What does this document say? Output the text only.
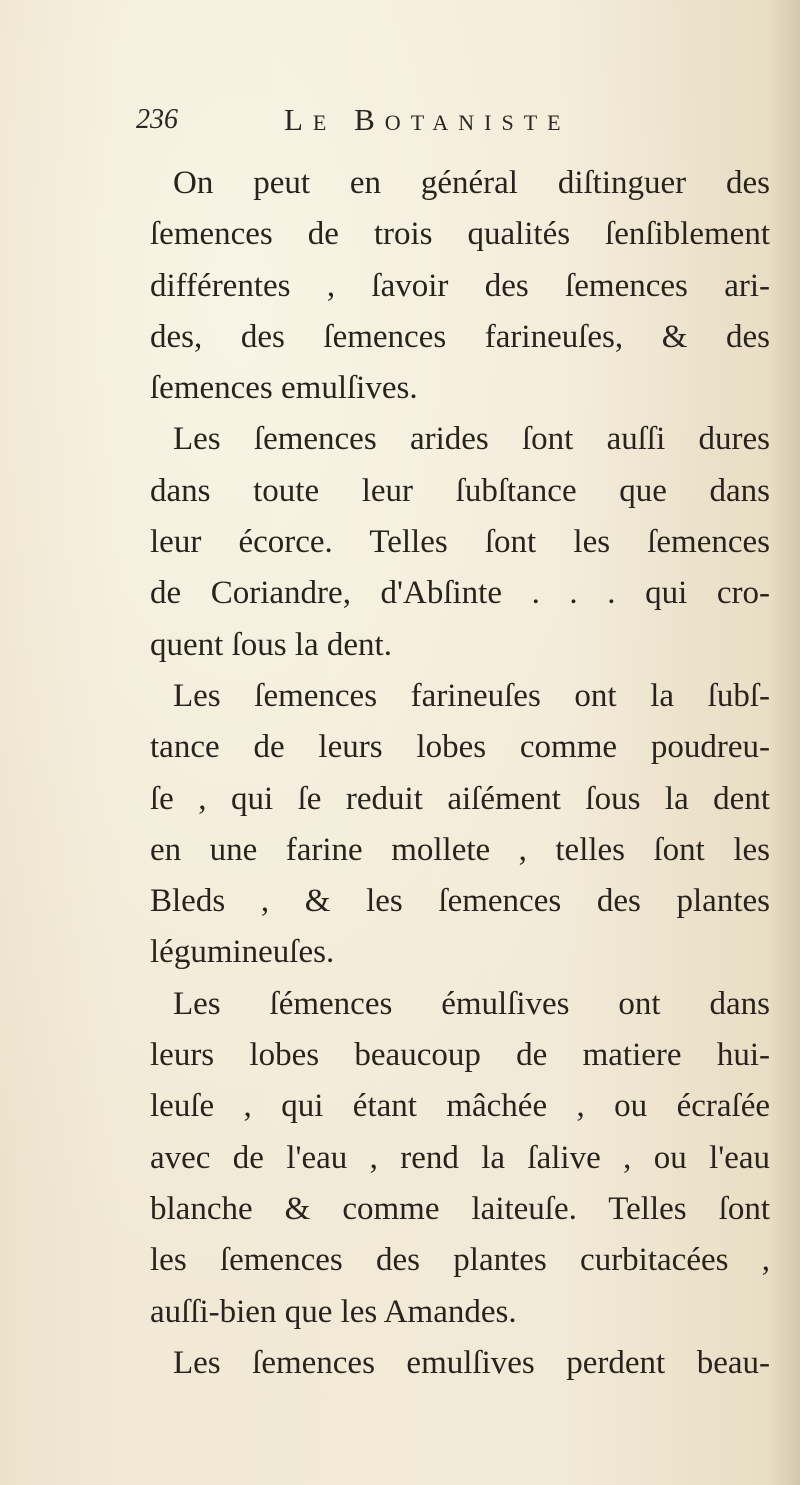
236	Le Botaniste
On peut en général diſtinguer des
ſemences de trois qualités ſenſiblement
différentes , ſavoir des ſemences ari-
des, des ſemences farineuſes, & des
ſemences emulſives.
Les ſemences arides ſont auſſi dures
dans toute leur ſubſtance que dans
leur écorce. Telles ſont les ſemences
de Coriandre, d'Abſinte . . . qui cro-
quent ſous la dent.
Les ſemences farineuſes ont la ſubſ-
tance de leurs lobes comme poudreu-
ſe , qui ſe reduit aiſément ſous la dent
en une farine mollete , telles ſont les
Bleds , & les ſemences des plantes
légumineuſes.
Les ſémences émulſives ont dans
leurs lobes beaucoup de matiere hui-
leuſe , qui étant mâchée , ou écraſée
avec de l'eau , rend la ſalive , ou l'eau
blanche & comme laiteuſe. Telles ſont
les ſemences des plantes curbitacées ,
auſſi-bien que les Amandes.
Les ſemences emulſives perdent beau-
